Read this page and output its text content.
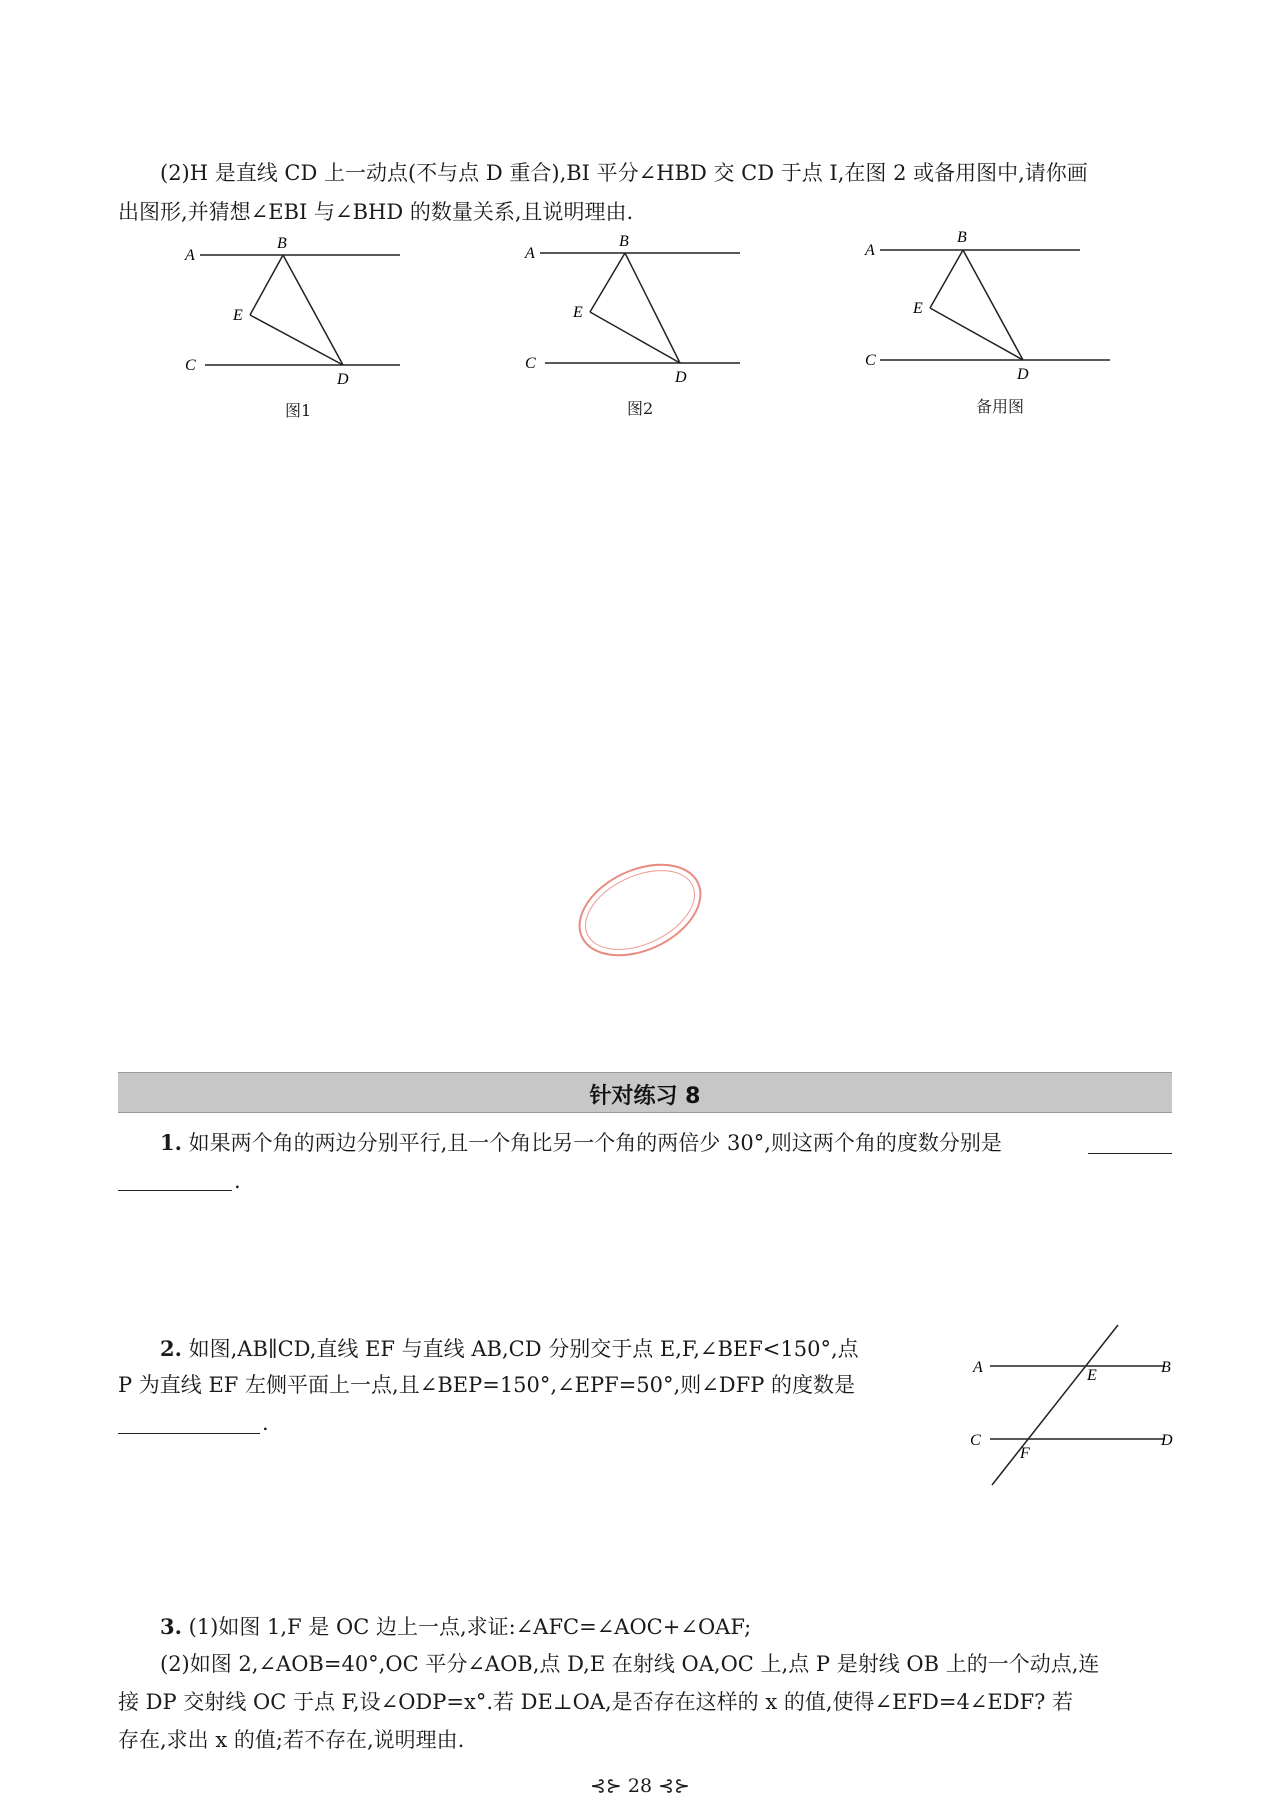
(2)H 是直线 CD 上一动点(不与点 D 重合),BI 平分∠HBD 交 CD 于点 I,在图 2 或备用图中,请你画
出图形,并猜想∠EBI 与∠BHD 的数量关系,且说明理由.
A
B
E
C
D
图1
A
B
E
C
D
图2
A
B
E
C
D
备用图
针对练习 8
1. 如果两个角的两边分别平行,且一个角比另一个角的两倍少 30°,则这两个角的度数分别是
.
2. 如图,AB∥CD,直线 EF 与直线 AB,CD 分别交于点 E,F,∠BEF<150°,点
P 为直线 EF 左侧平面上一点,且∠BEP=150°,∠EPF=50°,则∠DFP 的度数是
.
A	E	B
C
F
D
3. (1)如图 1,F 是 OC 边上一点,求证:∠AFC=∠AOC+∠OAF;
(2)如图 2,∠AOB=40°,OC 平分∠AOB,点 D,E 在射线 OA,OC 上,点 P 是射线 OB 上的一个动点,连
接 DP 交射线 OC 于点 F,设∠ODP=x°.若 DE⊥OA,是否存在这样的 x 的值,使得∠EFD=4∠EDF? 若
存在,求出 x 的值;若不存在,说明理由.
⊰⊱ 28 ⊰⊱
